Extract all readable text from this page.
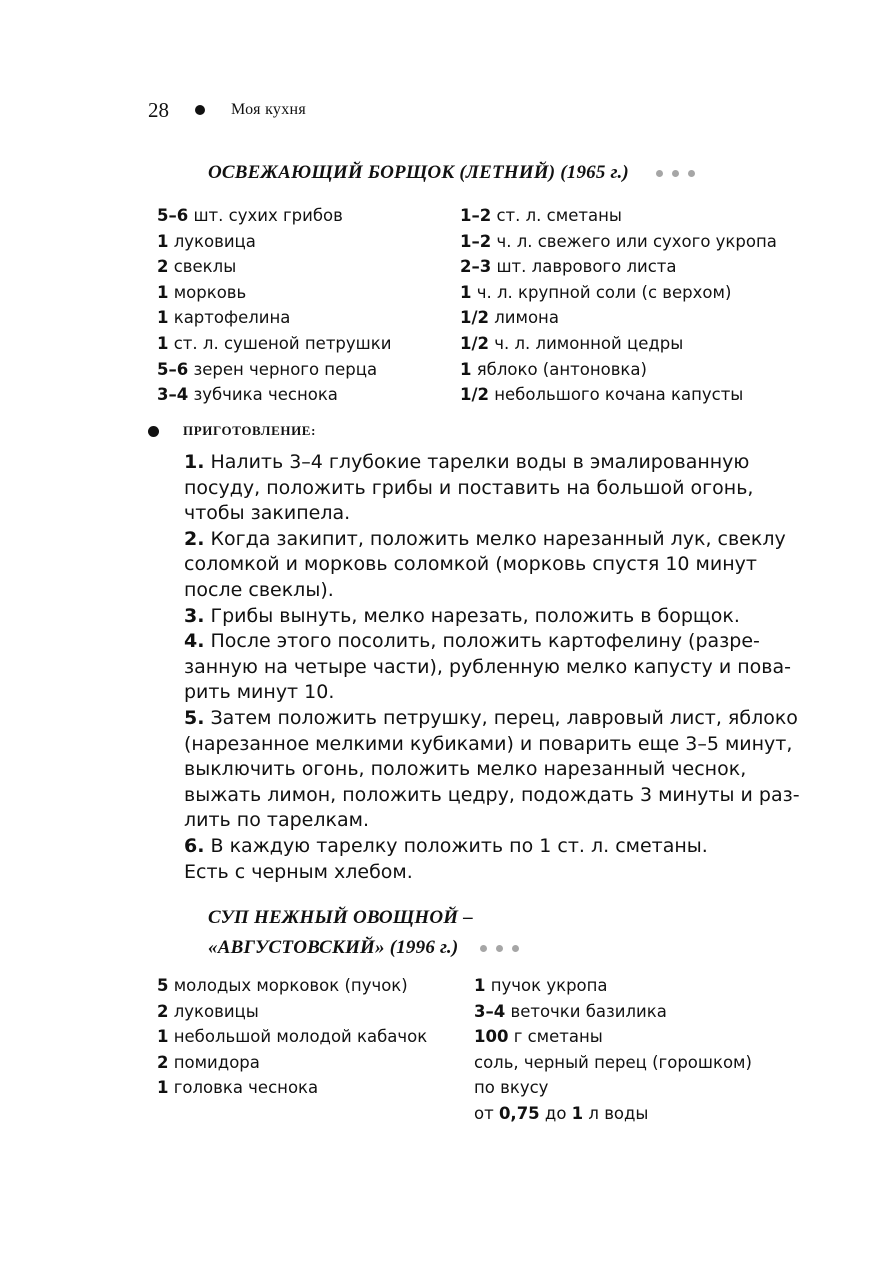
28	Моя кухня
ОСВЕЖАЮЩИЙ БОРЩОК (ЛЕТНИЙ) (1965 г.)
5–6 шт. сухих грибов
1 луковица
2 свеклы
1 морковь
1 картофелина
1 ст. л. сушеной петрушки
5–6 зерен черного перца
3–4 зубчика чеснока
1–2 ст. л. сметаны
1–2 ч. л. свежего или сухого укропа
2–3 шт. лаврового листа
1 ч. л. крупной соли (с верхом)
1/2 лимона
1/2 ч. л. лимонной цедры
1 яблоко (антоновка)
1/2 небольшого кочана капусты
ПРИГОТОВЛЕНИЕ:
1. Налить 3–4 глубокие тарелки воды в эмалированную
посуду, положить грибы и поставить на большой огонь,
чтобы закипела.
2. Когда закипит, положить мелко нарезанный лук, свеклу
соломкой и морковь соломкой (морковь спустя 10 минут
после свеклы).
3. Грибы вынуть, мелко нарезать, положить в борщок.
4. После этого посолить, положить картофелину (разре-
занную на четыре части), рубленную мелко капусту и пова-
рить минут 10.
5. Затем положить петрушку, перец, лавровый лист, яблоко
(нарезанное мелкими кубиками) и поварить еще 3–5 минут,
выключить огонь, положить мелко нарезанный чеснок,
выжать лимон, положить цедру, подождать 3 минуты и раз-
лить по тарелкам.
6. В каждую тарелку положить по 1 ст. л. сметаны.
Есть с черным хлебом.
СУП НЕЖНЫЙ ОВОЩНОЙ –
«АВГУСТОВСКИЙ» (1996 г.)
5 молодых морковок (пучок)
2 луковицы
1 небольшой молодой кабачок
2 помидора
1 головка чеснока
1 пучок укропа
3–4 веточки базилика
100 г сметаны
соль, черный перец (горошком)
по вкусу
от 0,75 до 1 л воды
